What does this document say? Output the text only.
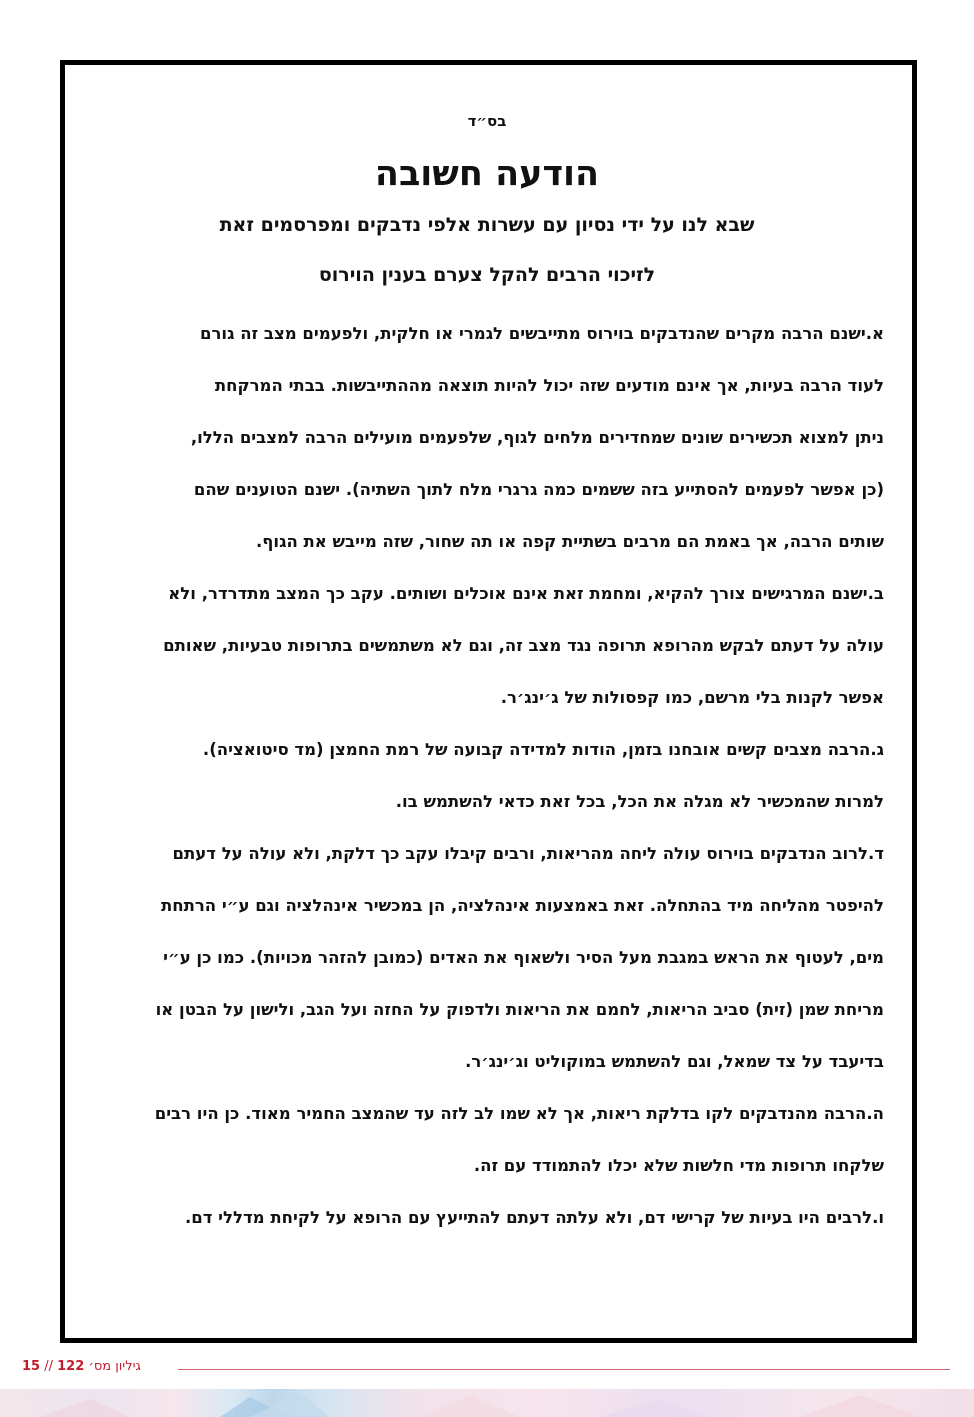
בס״ד
הודעה חשובה
שבא לנו על ידי נסיון עם עשרות אלפי נדבקים ומפרסמים זאת
לזיכוי הרבים להקל צערם בענין הוירוס
א.ישנם הרבה מקרים שהנדבקים בוירוס מתייבשים לגמרי או חלקית, ולפעמים מצב זה גורם
לעוד הרבה בעיות, אך אינם מודעים שזה יכול להיות תוצאה מההתייבשות. בבתי המרקחת
ניתן למצוא תכשירים שונים שמחדירים מלחים לגוף, שלפעמים מועילים הרבה למצבים הללו,
(כן אפשר לפעמים להסתייע בזה ששמים כמה גרגרי מלח לתוך השתיה). ישנם הטוענים שהם
שותים הרבה, אך באמת הם מרבים בשתיית קפה או תה שחור, שזה מייבש את הגוף.
ב.ישנם המרגישים צורך להקיא, ומחמת זאת אינם אוכלים ושותים. עקב כך המצב מתדרדר, ולא
עולה על דעתם לבקש מהרופא תרופה נגד מצב זה, וגם לא משתמשים בתרופות טבעיות, שאותם
אפשר לקנות בלי מרשם, כמו קפסולות של ג׳ינג׳ר.
ג.הרבה מצבים קשים אובחנו בזמן, הודות למדידה קבועה של רמת החמצן (מד סיטואציה).
למרות שהמכשיר לא מגלה את הכל, בכל זאת כדאי להשתמש בו.
ד.לרוב הנדבקים בוירוס עולה ליחה מהריאות, ורבים קיבלו עקב כך דלקת, ולא עולה על דעתם
להיפטר מהליחה מיד בהתחלה. זאת באמצעות אינהלציה, הן במכשיר אינהלציה וגם ע״י הרתחת
מים, לעטוף את הראש במגבת מעל הסיר ולשאוף את האדים (כמובן להזהר מכויות). כמו כן ע״י
מריחת שמן (זית) סביב הריאות, לחמם את הריאות ולדפוק על החזה ועל הגב, ולישון על הבטן או
בדיעבד על צד שמאל, וגם להשתמש במוקוליט וג׳ינג׳ר.
ה.הרבה מהנדבקים לקו בדלקת ריאות, אך לא שמו לב לזה עד שהמצב החמיר מאוד. כן היו רבים
שלקחו תרופות מדי חלשות שלא יכלו להתמודד עם זה.
ו.לרבים היו בעיות של קרישי דם, ולא עלתה דעתם להתייעץ עם הרופא על לקיחת מדללי דם.
גיליון מס׳ 122 // 15
